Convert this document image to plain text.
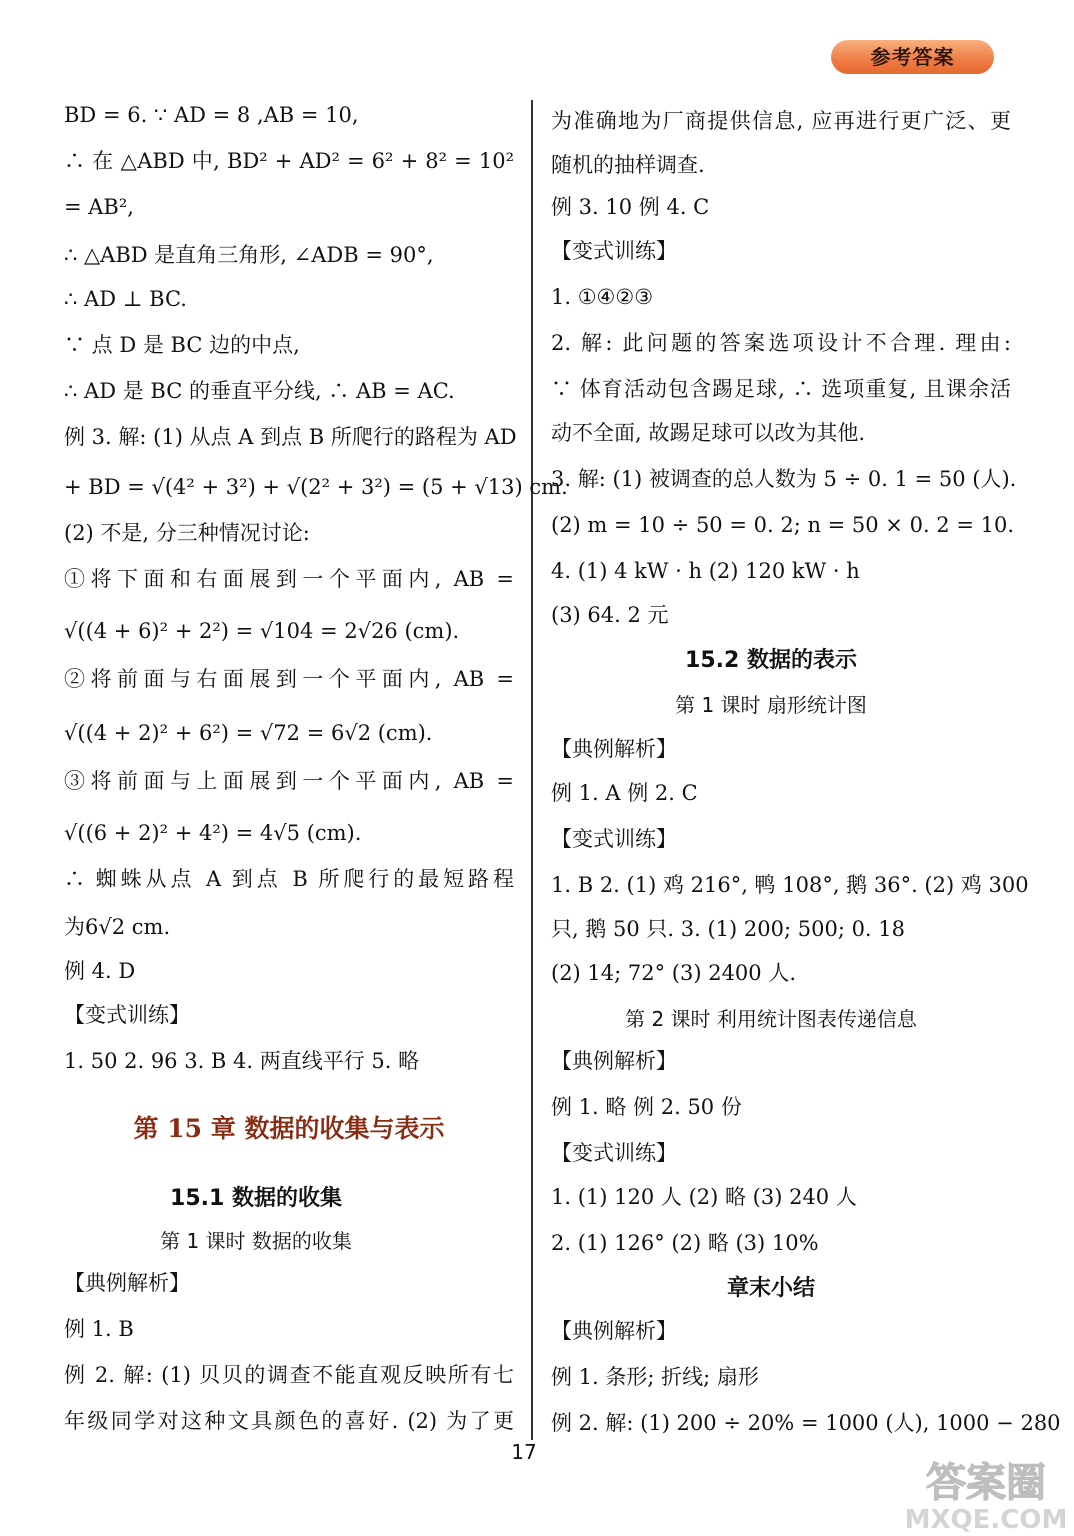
参考答案
第 15 章 数据的收集与表示
15.1 数据的收集
第 1 课时 数据的收集
BD = 6. ∵ AD = 8 ,AB = 10,
∴ 在 △ABD 中, BD² + AD² = 6² + 8² = 10²
= AB²,
∴ △ABD 是直角三角形, ∠ADB = 90°,
∴ AD ⊥ BC.
∵ 点 D 是 BC 边的中点,
∴ AD 是 BC 的垂直平分线, ∴ AB = AC.
例 3. 解: (1) 从点 A 到点 B 所爬行的路程为 AD
+ BD = √(4² + 3²) + √(2² + 3²) = (5 + √13) cm.
(2) 不是, 分三种情况讨论:
①将下面和右面展到一个平面内, AB =
√((4 + 6)² + 2²) = √104 = 2√26 (cm).
②将前面与右面展到一个平面内, AB =
√((4 + 2)² + 6²) = √72 = 6√2 (cm).
③将前面与上面展到一个平面内, AB =
√((6 + 2)² + 4²) = 4√5 (cm).
∴ 蜘蛛从点 A 到点 B 所爬行的最短路程
为6√2 cm.
例 4. D
【变式训练】
1. 50 2. 96 3. B 4. 两直线平行 5. 略
【典例解析】
例 1. B
例 2. 解: (1) 贝贝的调查不能直观反映所有七
年级同学对这种文具颜色的喜好. (2) 为了更
15.2 数据的表示
第 1 课时 扇形统计图
第 2 课时 利用统计图表传递信息
章末小结
为准确地为厂商提供信息, 应再进行更广泛、更
随机的抽样调查.
例 3. 10 例 4. C
【变式训练】
1. ①④②③
2. 解: 此问题的答案选项设计不合理. 理由:
∵ 体育活动包含踢足球, ∴ 选项重复, 且课余活
动不全面, 故踢足球可以改为其他.
3. 解: (1) 被调查的总人数为 5 ÷ 0. 1 = 50 (人).
(2) m = 10 ÷ 50 = 0. 2; n = 50 × 0. 2 = 10.
4. (1) 4 kW · h (2) 120 kW · h
(3) 64. 2 元
【典例解析】
例 1. A 例 2. C
【变式训练】
1. B 2. (1) 鸡 216°, 鸭 108°, 鹅 36°. (2) 鸡 300
只, 鹅 50 只. 3. (1) 200; 500; 0. 18
(2) 14; 72° (3) 2400 人.
【典例解析】
例 1. 略 例 2. 50 份
【变式训练】
1. (1) 120 人 (2) 略 (3) 240 人
2. (1) 126° (2) 略 (3) 10%
【典例解析】
例 1. 条形; 折线; 扇形
例 2. 解: (1) 200 ÷ 20% = 1000 (人), 1000 − 280
17
答案圈
MXQE.COM
